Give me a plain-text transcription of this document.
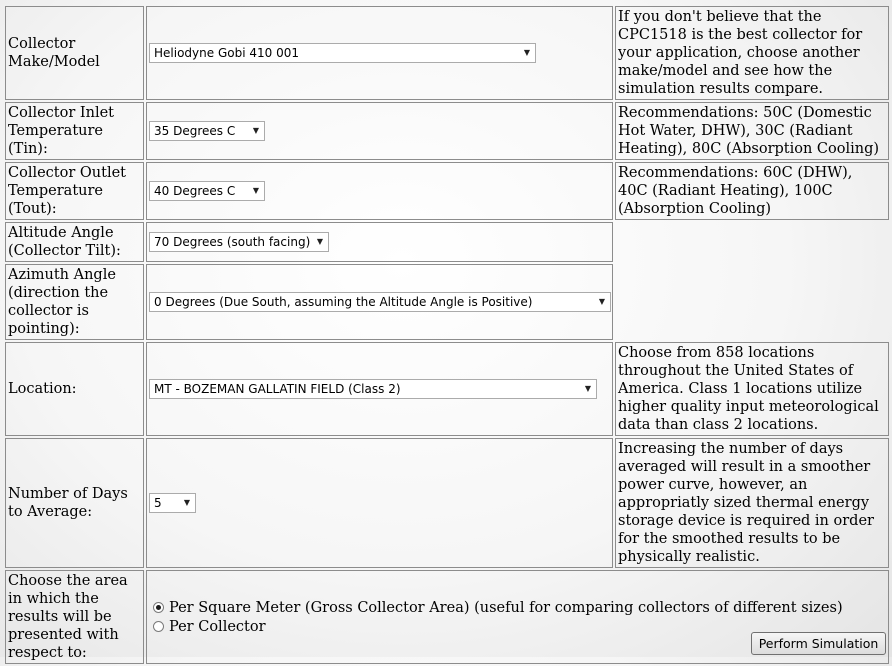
Collector Make/Model	Heliodyne Gobi 410 001 ▼	If you don't believe that the CPC1518 is the best collector for your application, choose another make/model and see how the simulation results compare.
Collector Inlet Temperature (Tin):	35 Degrees C ▼	Recommendations: 50C (Domestic Hot Water, DHW), 30C (Radiant Heating), 80C (Absorption Cooling)
Collector Outlet Temperature (Tout):	40 Degrees C ▼	Recommendations: 60C (DHW), 40C (Radiant Heating), 100C (Absorption Cooling)
Altitude Angle (Collector Tilt):	70 Degrees (south facing) ▼	

Azimuth Angle (direction the collector is pointing):	0 Degrees (Due South, assuming the Altitude Angle is Positive) ▼	

Location:	MT - BOZEMAN GALLATIN FIELD (Class 2) ▼	Choose from 858 locations throughout the United States of America. Class 1 locations utilize higher quality input meteorological data than class 2 locations.
Number of Days to Average:	5 ▼	Increasing the number of days averaged will result in a smoother power curve, however, an appropriatly sized thermal energy storage device is required in order for the smoothed results to be physically realistic.
Choose the area in which the results will be presented with respect to:	Per Square Meter (Gross Collector Area) (useful for comparing collectors of different sizes)
Per Collector	
Perform Simulation
